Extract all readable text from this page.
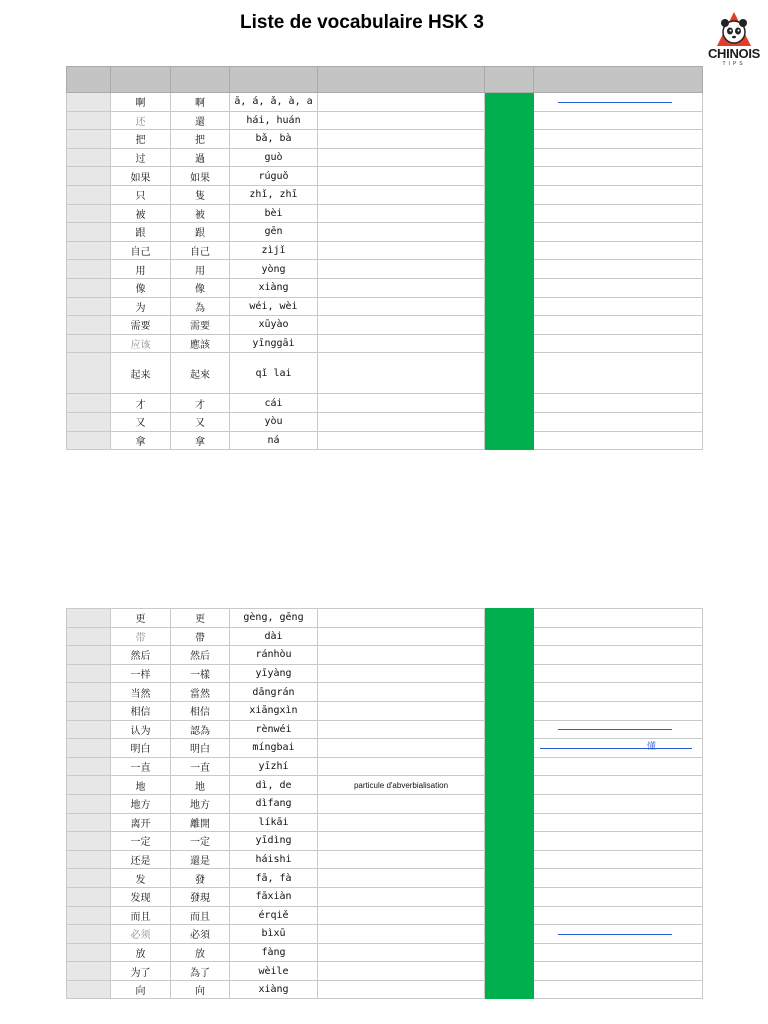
Liste de vocabulaire HSK 3
CHINOIS
TIPS

	啊	啊	ā, á, ǎ, à, a			

	还	還	hái, huán			
	把	把	bǎ, bà			
	过	過	guò			
	如果	如果	rúguǒ			
	只	隻	zhǐ, zhī			
	被	被	bèi			
	跟	跟	gēn			
	自己	自己	zìjǐ			
	用	用	yòng			
	像	像	xiàng			
	为	為	wéi, wèi			
	需要	需要	xūyào			
	应该	應該	yīnggāi			
	起来	起來	qǐ lai			
	才	才	cái			
	又	又	yòu			
	拿	拿	ná			
	更	更	gèng, gēng			
	带	帶	dài			
	然后	然后	ránhòu			
	一样	一樣	yīyàng			
	当然	當然	dāngrán			
	相信	相信	xiāngxìn			
	认为	認為	rènwéi			

	明白	明白	míngbai			懂

	一直	一直	yīzhí			
	地	地	dì, de	particule d'abverbialisation		
	地方	地方	dìfang			
	离开	離開	líkāi			
	一定	一定	yīdìng			
	还是	還是	háishi			
	发	發	fā, fà			
	发现	發現	fāxiàn			
	而且	而且	érqiě			
	必须	必須	bìxū			

	放	放	fàng			
	为了	為了	wèile			
	向	向	xiàng			
